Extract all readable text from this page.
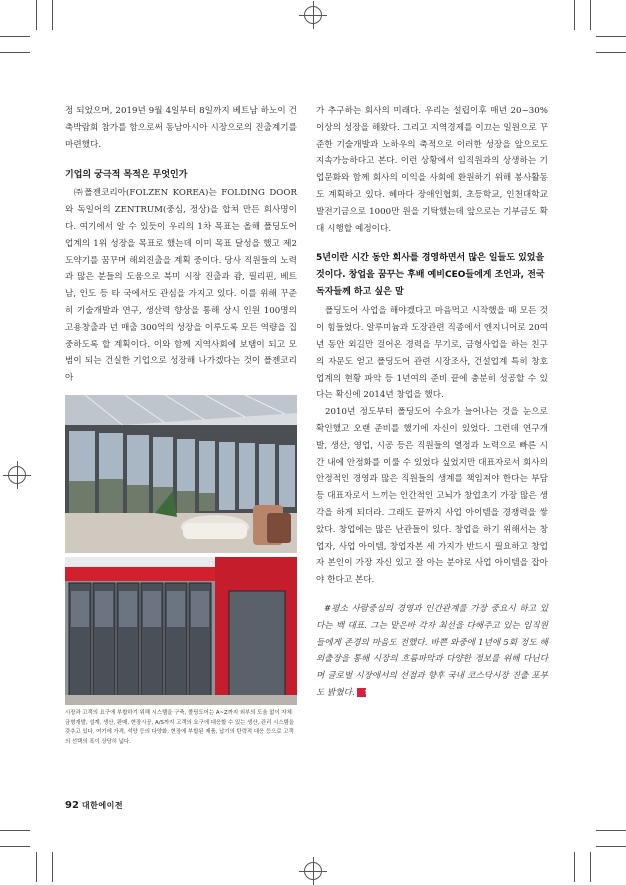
정 되었으며, 2019년 9월 4일부터 8일까지 베트남 하노이 건축박람회 참가를 함으로써 동남아시아 시장으로의 진출계기를 마련했다.

기업의 궁극적 목적은 무엇인가

㈜폴젠코리아(FOLZEN KOREA)는 FOLDING DOOR와 독일어의 ZENTRUM(중심, 정상)을 합쳐 만든 회사명이다. 여기에서 알 수 있듯이 우리의 1차 목표는 올해 폴딩도어 업계의 1위 성장을 목표로 했는데 이미 목표 달성을 했고 제2도약기를 꿈꾸며 해외진출을 계획 중이다. 당사 직원들의 노력과 많은 분들의 도움으로 북미 시장 진출과 괌, 필리핀, 베트남, 인도 등 타 국에서도 관심을 가지고 있다. 이를 위해 꾸준히 기술개발과 연구, 생산력 향상을 통해 상시 인원 100명의 고용창출과 년 매출 300억의 성장을 이루도록 모든 역량을 집중하도록 할 계획이다. 이와 함께 지역사회에 보탬이 되고 모범이 되는 건실한 기업으로 성장해 나가겠다는 것이 폴젠코리아

시장과 고객의 요구에 부합하기 위해 시스템을 구축, 폴딩도어는 A~Z까지 외부의 도움 없이 자체 금형개발, 설계, 생산, 판매, 현장시공, A/S까지 고객의 요구에 대응할 수 있는 생산, 관리 시스템을 갖추고 있다. 여기에 가격, 석양 등의 다양화, 현장에 부합된 제품, 납기의 탄력적 대응 등으로 고객의 선택의 폭이 상당히 넓다.

가 추구하는 회사의 미래다. 우리는 설립이후 매년 20~30% 이상의 성장을 해왔다. 그리고 지역경제를 이끄는 일원으로 꾸준한 기술개발과 노하우의 축적으로 이러한 성장을 앞으로도 지속가능하다고 본다. 이런 상황에서 임직원과의 상생하는 기업문화와 함께 회사의 이익을 사회에 환원하기 위해 봉사활동도 계획하고 있다. 헤마다 장애인협회, 초등학교, 인천대학교 발전기금으로 1000만 원을 기탁했는데 앞으로는 기부금도 확대 시행할 예정이다.

5년이란 시간 동안 회사를 경영하면서 많은 일들도 있었을 것이다. 창업을 꿈꾸는 후배 예비CEO들에게 조언과, 전국 독자들께 하고 싶은 말

폴딩도어 사업을 해야겠다고 마음먹고 시작했을 때 모든 것이 힘들었다. 알루미늄과 도장관련 직종에서 엔지니어로 20여 년 동안 외길만 걸어온 경력을 무기로, 금형사업을 하는 친구의 자문도 얻고 폴딩도어 관련 시장조사, 건설업계 특히 창호업계의 현황 파악 등 1년여의 준비 끝에 충분히 성공할 수 있다는 확신에 2014년 창업을 했다.

2010년 정도부터 폴딩도어 수요가 늘어나는 것을 눈으로 확인했고 오랜 준비를 했기에 자신이 있었다. 그런데 연구개발, 생산, 영업, 시공 등은 직원들의 열정과 노력으로 빠른 시간 내에 안정화를 이룰 수 있었다 싶었지만 대표자로서 회사의 안정적인 경영과 많은 직원들의 생계를 책임져야 한다는 부담 등 대표자로서 느끼는 인간적인 고뇌가 창업초기 가장 많은 생각을 하게 되더라. 그래도 끝까지 사업 아이템을 경쟁력을 쌓았다. 창업에는 많은 난관들이 있다. 창업을 하기 위해서는 창업자, 사업 아이템, 창업자본 세 가지가 반드시 필요하고 창업자 본인이 가장 자신 있고 잘 아는 분야로 사업 아이템을 잡아야 한다고 본다.

#평소 사람중심의 경영과 인간관계를 가장 중요시 하고 있다는 백 대표. 그는 맡은바 각자 최선을 다해주고 있는 임직원들에게 존경의 마음도 전했다. 바쁜 와중에 1년에 5회 정도 해외출장을 통해 시장의 흐름파악과 다양한 정보를 위해 다닌다며 글로벌 시장에서의 선점과 향후 국내 코스닥시장 진출 포부도 밝혔다. S

92 대한에이전
